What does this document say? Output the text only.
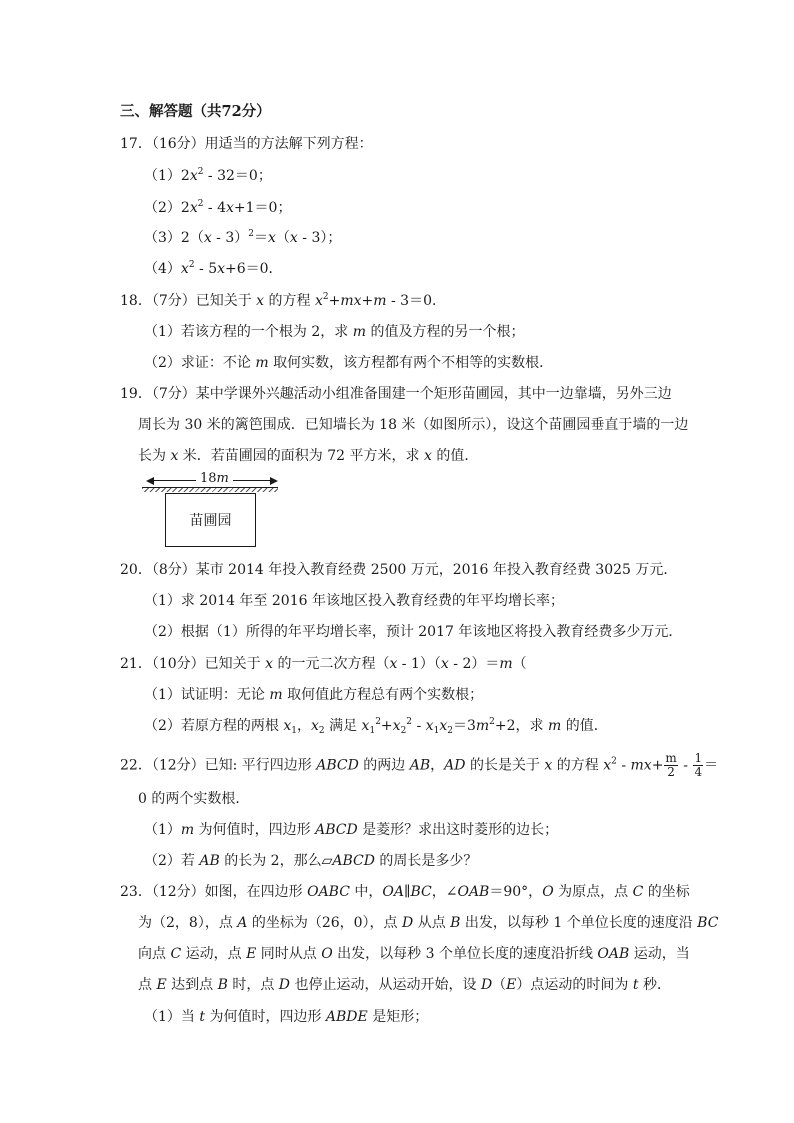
三、解答题（共72分）
17．（16分）用适当的方法解下列方程：
$(1)2x^2 - 32=0$；
$(2)2x^2 - 4x+1=0$；
（3）2（x - 3）$^2$＝x（x - 3）；
$(4)x^2 - 5x+6=0$．
18．（7分）已知关于 x 的方程 $x^2+mx+m - 3=0$．
（1）若该方程的一个根为 2，求 m 的值及方程的另一个根；
（2）求证：不论 m 取何实数，该方程都有两个不相等的实数根．
19．（7分）某中学课外兴趣活动小组准备围建一个矩形苗圃园，其中一边靠墙，另外三边
周长为 30 米的篱笆围成．已知墙长为 18 米（如图所示），设这个苗圃园垂直于墙的一边
长为 x 米．若苗圃园的面积为 72 平方米，求 x 的值．
18m
苗圃园
20．（8分）某市 2014 年投入教育经费 2500 万元，2016 年投入教育经费 3025 万元．
（1）求 2014 年至 2016 年该地区投入教育经费的年平均增长率；
（2）根据（1）所得的年平均增长率，预计 2017 年该地区将投入教育经费多少万元．
21．（10分）已知关于 x 的一元二次方程（x - 1）（x - 2）＝m（
（1）试证明：无论 m 取何值此方程总有两个实数根；
（2）若原方程的两根 $x_1$，$x_2$ 满足 $x_1^2+x_2^2 - x_1x_2=3m^2+2$，求 m 的值．
22．（12分）已知: 平行四边形 ABCD 的两边 AB，AD 的长是关于 x 的方程 $x^2 - mx+ \frac{m}{2} - \frac{1}{4}$ ＝
0 的两个实数根．
（1）m 为何值时，四边形 ABCD 是菱形？求出这时菱形的边长；
（2）若 AB 的长为 2，那么▱ABCD 的周长是多少？
23．（12分）如图，在四边形 OABC 中，OA∥BC，∠OAB＝90°，O 为原点，点 C 的坐标
为（2，8），点 A 的坐标为（26，0），点 D 从点 B 出发，以每秒 1 个单位长度的速度沿 BC
向点 C 运动，点 E 同时从点 O 出发，以每秒 3 个单位长度的速度沿折线 OAB 运动，当
点 E 达到点 B 时，点 D 也停止运动，从运动开始，设 D（E）点运动的时间为 t 秒．
（1）当 t 为何值时，四边形 ABDE 是矩形；
